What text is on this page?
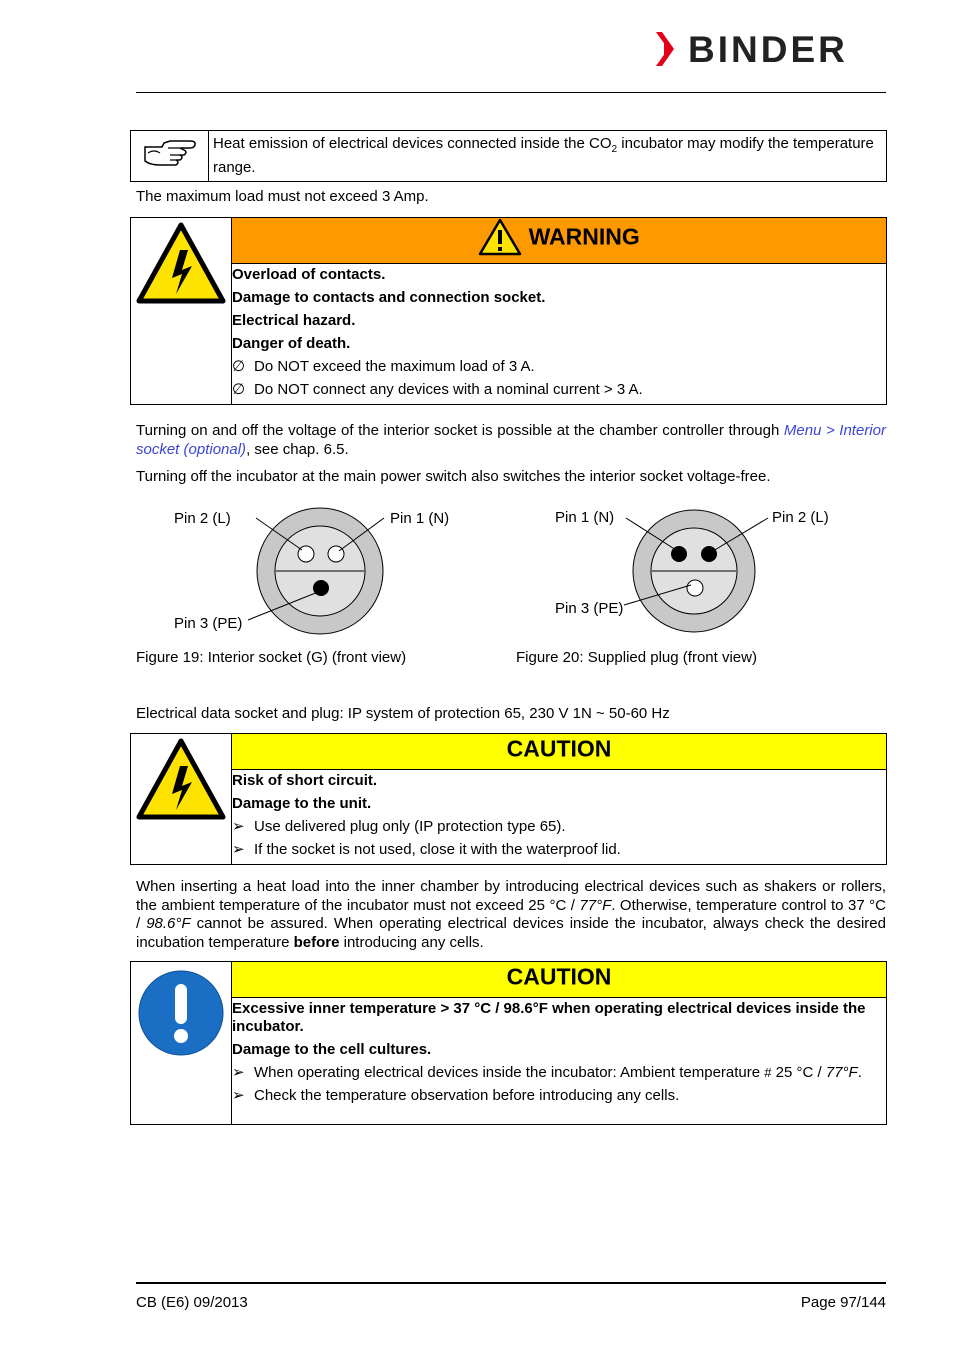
BINDER
	Heat emission of electrical devices connected inside the $CO_2$ incubator may modify the temperature range.

The maximum load must not exceed 3 Amp.

	WARNING

Overload of contacts.
Damage to contacts and connection socket.
Electrical hazard.
Danger of death.
∅ Do NOT exceed the maximum load of 3 A.
∅ Do NOT connect any devices with a nominal current > 3 A.

Turning on and off the voltage of the interior socket is possible at the chamber controller through Menu > Interior socket (optional), see chap. 6.5.

Turning off the incubator at the main power switch also switches the interior socket voltage-free.

Pin 2 (L)	Pin 1 (N)
Pin 3 (PE)
Figure 19: Interior socket (G) (front view)
Pin 1 (N)	Pin 2 (L)
Pin 3 (PE)
Figure 20: Supplied plug (front view)

Electrical data socket and plug: IP system of protection 65, 230 V 1N ~ 50-60 Hz

	CAUTION

Risk of short circuit.
Damage to the unit.
➢ Use delivered plug only (IP protection type 65).
➢ If the socket is not used, close it with the waterproof lid.

When inserting a heat load into the inner chamber by introducing electrical devices such as shakers or rollers, the ambient temperature of the incubator must not exceed 25 °C / 77°F. Otherwise, temperature control to 37 °C / 98.6°F cannot be assured. When operating electrical devices inside the incubator, always check the desired incubation temperature before introducing any cells.

	CAUTION

Excessive inner temperature > 37 °C / 98.6°F when operating electrical devices inside the incubator.
Damage to the cell cultures.
➢ When operating electrical devices inside the incubator: Ambient temperature # 25 °C / 77°F.
➢ Check the temperature observation before introducing any cells.
CB (E6) 09/2013	Page 97/144
